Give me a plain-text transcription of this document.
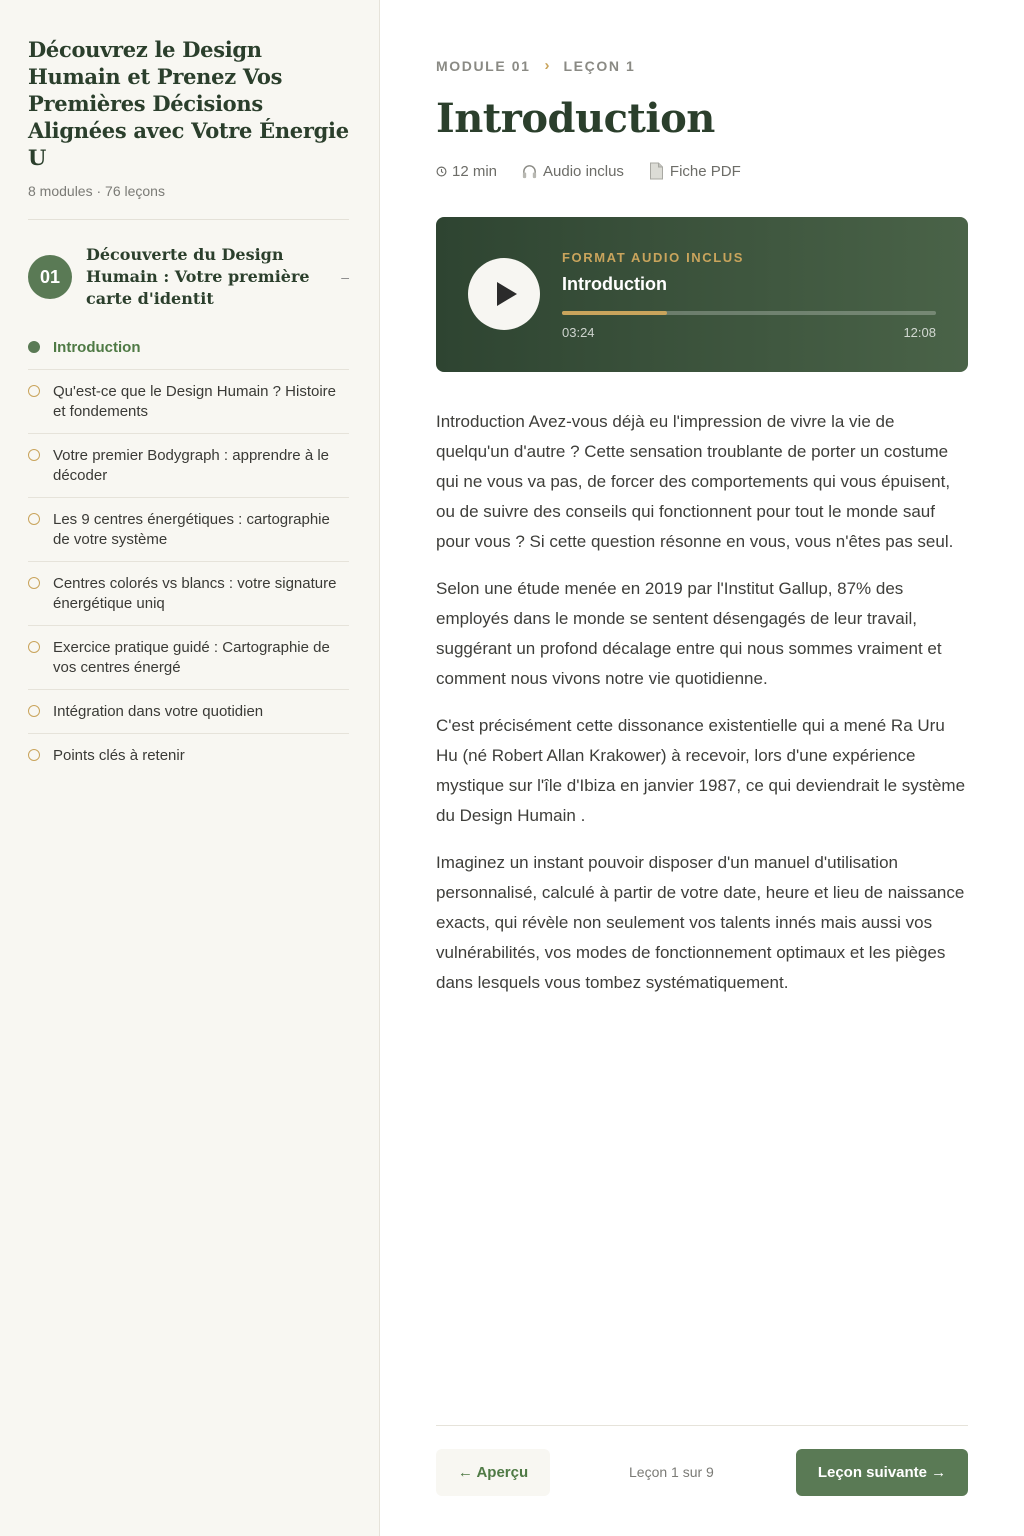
Découvrez le Design Humain et Prenez Vos Premières Décisions Alignées avec Votre Énergie U
8 modules · 76 leçons
01
Découverte du Design Humain : Votre première carte d'identit
–
Introduction
Qu'est-ce que le Design Humain ? Histoire et fondements
Votre premier Bodygraph : apprendre à le décoder
Les 9 centres énergétiques : cartographie de votre système
Centres colorés vs blancs : votre signature énergétique uniq
Exercice pratique guidé : Cartographie de vos centres énergé
Intégration dans votre quotidien
Points clés à retenir
MODULE 01 › LEÇON 1
Introduction
12 min	Audio inclus	Fiche PDF
FORMAT AUDIO INCLUS
Introduction
03:24	12:08

Introduction Avez-vous déjà eu l'impression de vivre la vie de quelqu'un d'autre ? Cette sensation troublante de porter un costume qui ne vous va pas, de forcer des comportements qui vous épuisent, ou de suivre des conseils qui fonctionnent pour tout le monde sauf pour vous ? Si cette question résonne en vous, vous n'êtes pas seul.

Selon une étude menée en 2019 par l'Institut Gallup, 87% des employés dans le monde se sentent désengagés de leur travail, suggérant un profond décalage entre qui nous sommes vraiment et comment nous vivons notre vie quotidienne.

C'est précisément cette dissonance existentielle qui a mené Ra Uru Hu (né Robert Allan Krakower) à recevoir, lors d'une expérience mystique sur l'île d'Ibiza en janvier 1987, ce qui deviendrait le système du Design Humain .

Imaginez un instant pouvoir disposer d'un manuel d'utilisation personnalisé, calculé à partir de votre date, heure et lieu de naissance exacts, qui révèle non seulement vos talents innés mais aussi vos vulnérabilités, vos modes de fonctionnement optimaux et les pièges dans lesquels vous tombez systématiquement.

← Aperçu	Leçon 1 sur 9	Leçon suivante →
